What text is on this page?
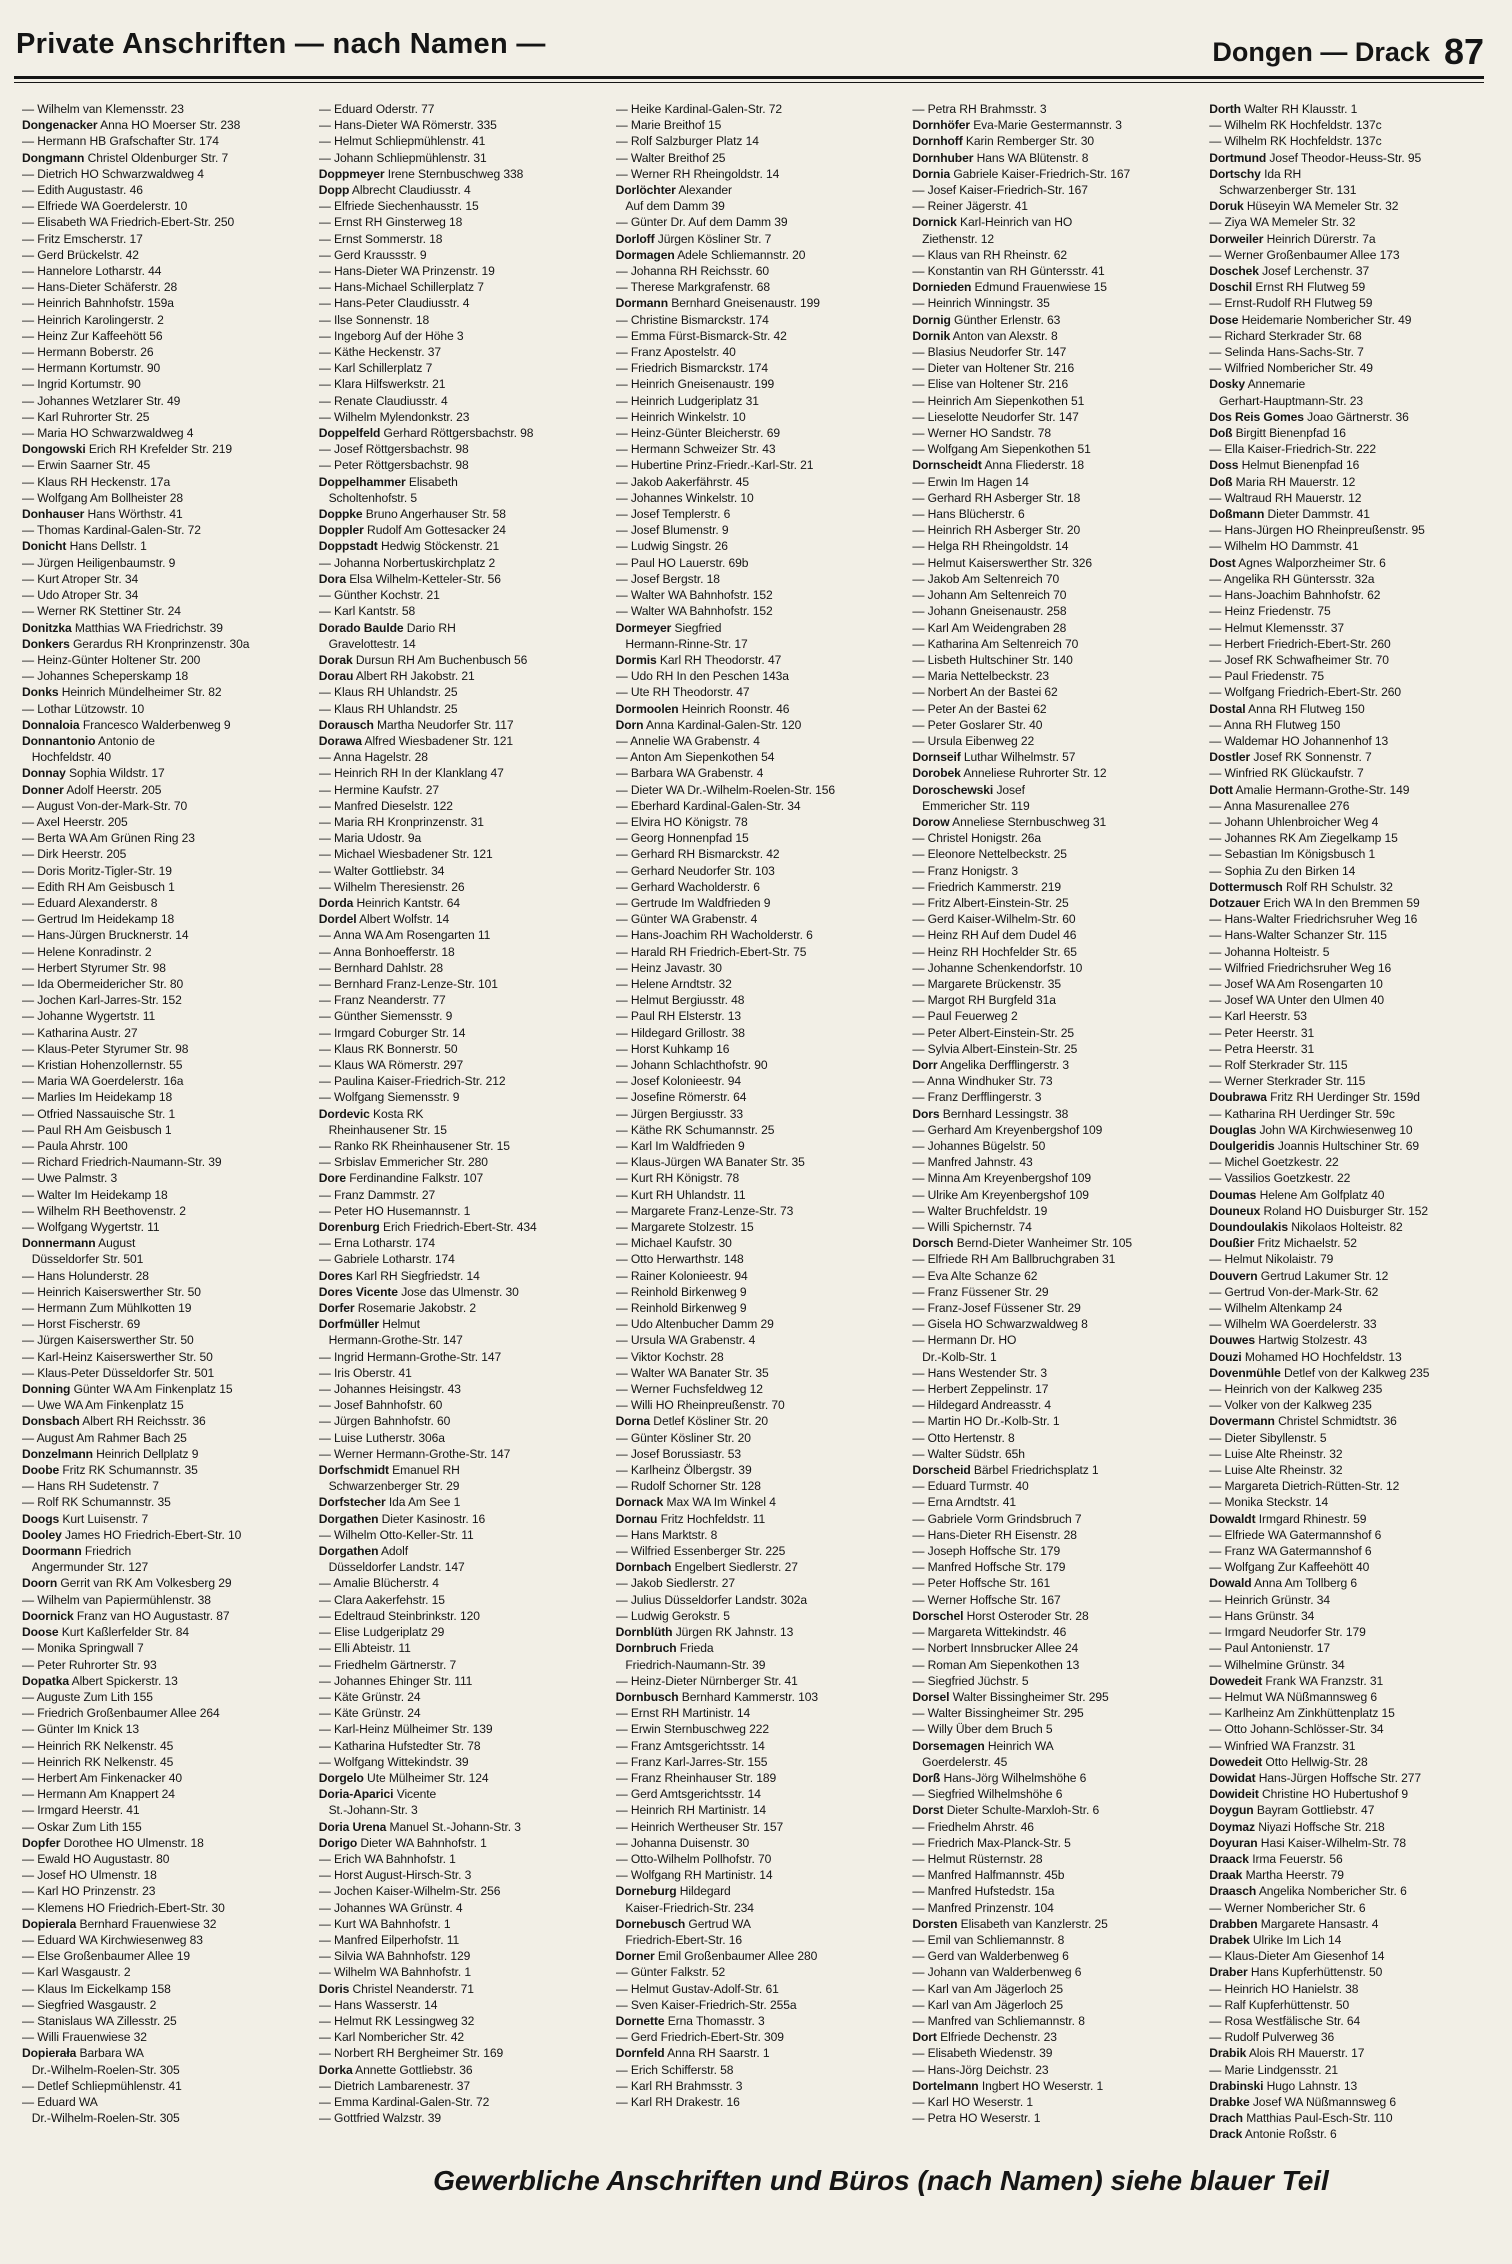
Private Anschriften — nach Namen —	Dongen — Drack 87
— Wilhelm van Klemensstr. 23
Dongenacker Anna HO Moerser Str. 238
— Hermann HB Grafschafter Str. 174
Dongmann Christel Oldenburger Str. 7
— Dietrich HO Schwarzwaldweg 4
— Edith Augustastr. 46
— Elfriede WA Goerdelerstr. 10
— Elisabeth WA Friedrich-Ebert-Str. 250
— Fritz Emscherstr. 17
— Gerd Brückelstr. 42
— Hannelore Lotharstr. 44
— Hans-Dieter Schäferstr. 28
— Heinrich Bahnhofstr. 159a
— Heinrich Karolingerstr. 2
— Heinz Zur Kaffeehött 56
— Hermann Boberstr. 26
— Hermann Kortumstr. 90
— Ingrid Kortumstr. 90
— Johannes Wetzlarer Str. 49
— Karl Ruhrorter Str. 25
— Maria HO Schwarzwaldweg 4
Dongowski Erich RH Krefelder Str. 219
— Erwin Saarner Str. 45
— Klaus RH Heckenstr. 17a
— Wolfgang Am Bollheister 28
Donhauser Hans Wörthstr. 41
— Thomas Kardinal-Galen-Str. 72
Donicht Hans Dellstr. 1
— Jürgen Heiligenbaumstr. 9
— Kurt Atroper Str. 34
— Udo Atroper Str. 34
— Werner RK Stettiner Str. 24
Donitzka Matthias WA Friedrichstr. 39
Donkers Gerardus RH Kronprinzenstr. 30a
— Heinz-Günter Holtener Str. 200
— Johannes Scheperskamp 18
Donks Heinrich Mündelheimer Str. 82
— Lothar Lützowstr. 10
Donnaloia Francesco Walderbenweg 9
Donnantonio Antonio de
Hochfeldstr. 40
Donnay Sophia Wildstr. 17
Donner Adolf Heerstr. 205
— August Von-der-Mark-Str. 70
— Axel Heerstr. 205
— Berta WA Am Grünen Ring 23
— Dirk Heerstr. 205
— Doris Moritz-Tigler-Str. 19
— Edith RH Am Geisbusch 1
— Eduard Alexanderstr. 8
— Gertrud Im Heidekamp 18
— Hans-Jürgen Brucknerstr. 14
— Helene Konradinstr. 2
— Herbert Styrumer Str. 98
— Ida Obermeidericher Str. 80
— Jochen Karl-Jarres-Str. 152
— Johanne Wygertstr. 11
— Katharina Austr. 27
— Klaus-Peter Styrumer Str. 98
— Kristian Hohenzollernstr. 55
— Maria WA Goerdelerstr. 16a
— Marlies Im Heidekamp 18
— Otfried Nassauische Str. 1
— Paul RH Am Geisbusch 1
— Paula Ahrstr. 100
— Richard Friedrich-Naumann-Str. 39
— Uwe Palmstr. 3
— Walter Im Heidekamp 18
— Wilhelm RH Beethovenstr. 2
— Wolfgang Wygertstr. 11
Donnermann August
Düsseldorfer Str. 501
— Hans Holunderstr. 28
— Heinrich Kaiserswerther Str. 50
— Hermann Zum Mühlkotten 19
— Horst Fischerstr. 69
— Jürgen Kaiserswerther Str. 50
— Karl-Heinz Kaiserswerther Str. 50
— Klaus-Peter Düsseldorfer Str. 501
Donning Günter WA Am Finkenplatz 15
— Uwe WA Am Finkenplatz 15
Donsbach Albert RH Reichsstr. 36
— August Am Rahmer Bach 25
Donzelmann Heinrich Dellplatz 9
Doobe Fritz RK Schumannstr. 35
— Hans RH Sudetenstr. 7
— Rolf RK Schumannstr. 35
Doogs Kurt Luisenstr. 7
Dooley James HO Friedrich-Ebert-Str. 10
Doormann Friedrich
Angermunder Str. 127
Doorn Gerrit van RK Am Volkesberg 29
— Wilhelm van Papiermühlenstr. 38
Doornick Franz van HO Augustastr. 87
Doose Kurt Kaßlerfelder Str. 84
— Monika Springwall 7
— Peter Ruhrorter Str. 93
Dopatka Albert Spickerstr. 13
— Auguste Zum Lith 155
— Friedrich Großenbaumer Allee 264
— Günter Im Knick 13
— Heinrich RK Nelkenstr. 45
— Heinrich RK Nelkenstr. 45
— Herbert Am Finkenacker 40
— Hermann Am Knappert 24
— Irmgard Heerstr. 41
— Oskar Zum Lith 155
Dopfer Dorothee HO Ulmenstr. 18
— Ewald HO Augustastr. 80
— Josef HO Ulmenstr. 18
— Karl HO Prinzenstr. 23
— Klemens HO Friedrich-Ebert-Str. 30
Dopierala Bernhard Frauenwiese 32
— Eduard WA Kirchwiesenweg 83
— Else Großenbaumer Allee 19
— Karl Wasgaustr. 2
— Klaus Im Eickelkamp 158
— Siegfried Wasgaustr. 2
— Stanislaus WA Zillesstr. 25
— Willi Frauenwiese 32
Dopierała Barbara WA
Dr.-Wilhelm-Roelen-Str. 305
— Detlef Schliepmühlenstr. 41
— Eduard WA
Dr.-Wilhelm-Roelen-Str. 305
— Eduard Oderstr. 77
— Hans-Dieter WA Römerstr. 335
— Helmut Schliepmühlenstr. 41
— Johann Schliepmühlenstr. 31
Doppmeyer Irene Sternbuschweg 338
Dopp Albrecht Claudiusstr. 4
— Elfriede Siechenhausstr. 15
— Ernst RH Ginsterweg 18
— Ernst Sommerstr. 18
— Gerd Kraussstr. 9
— Hans-Dieter WA Prinzenstr. 19
— Hans-Michael Schillerplatz 7
— Hans-Peter Claudiusstr. 4
— Ilse Sonnenstr. 18
— Ingeborg Auf der Höhe 3
— Käthe Heckenstr. 37
— Karl Schillerplatz 7
— Klara Hilfswerkstr. 21
— Renate Claudiusstr. 4
— Wilhelm Mylendonkstr. 23
Doppelfeld Gerhard Röttgersbachstr. 98
— Josef Röttgersbachstr. 98
— Peter Röttgersbachstr. 98
Doppelhammer Elisabeth
Scholtenhofstr. 5
Doppke Bruno Angerhauser Str. 58
Doppler Rudolf Am Gottesacker 24
Doppstadt Hedwig Stöckenstr. 21
— Johanna Norbertuskirchplatz 2
Dora Elsa Wilhelm-Ketteler-Str. 56
— Günther Kochstr. 21
— Karl Kantstr. 58
Dorado Baulde Dario RH
Gravelottestr. 14
Dorak Dursun RH Am Buchenbusch 56
Dorau Albert RH Jakobstr. 21
— Klaus RH Uhlandstr. 25
— Klaus RH Uhlandstr. 25
Dorausch Martha Neudorfer Str. 117
Dorawa Alfred Wiesbadener Str. 121
— Anna Hagelstr. 28
— Heinrich RH In der Klanklang 47
— Hermine Kaufstr. 27
— Manfred Dieselstr. 122
— Maria RH Kronprinzenstr. 31
— Maria Udostr. 9a
— Michael Wiesbadener Str. 121
— Walter Gottliebstr. 34
— Wilhelm Theresienstr. 26
Dorda Heinrich Kantstr. 64
Dordel Albert Wolfstr. 14
— Anna WA Am Rosengarten 11
— Anna Bonhoefferstr. 18
— Bernhard Dahlstr. 28
— Bernhard Franz-Lenze-Str. 101
— Franz Neanderstr. 77
— Günther Siemensstr. 9
— Irmgard Coburger Str. 14
— Klaus RK Bonnerstr. 50
— Klaus WA Römerstr. 297
— Paulina Kaiser-Friedrich-Str. 212
— Wolfgang Siemensstr. 9
Dordevic Kosta RK
Rheinhausener Str. 15
— Ranko RK Rheinhausener Str. 15
— Srbislav Emmericher Str. 280
Dore Ferdinandine Falkstr. 107
— Franz Dammstr. 27
— Peter HO Husemannstr. 1
Dorenburg Erich Friedrich-Ebert-Str. 434
— Erna Lotharstr. 174
— Gabriele Lotharstr. 174
Dores Karl RH Siegfriedstr. 14
Dores Vicente Jose das Ulmenstr. 30
Dorfer Rosemarie Jakobstr. 2
Dorfmüller Helmut
Hermann-Grothe-Str. 147
— Ingrid Hermann-Grothe-Str. 147
— Iris Oberstr. 41
— Johannes Heisingstr. 43
— Josef Bahnhofstr. 60
— Jürgen Bahnhofstr. 60
— Luise Lutherstr. 306a
— Werner Hermann-Grothe-Str. 147
Dorfschmidt Emanuel RH
Schwarzenberger Str. 29
Dorfstecher Ida Am See 1
Dorgathen Dieter Kasinostr. 16
— Wilhelm Otto-Keller-Str. 11
Dorgathen Adolf
Düsseldorfer Landstr. 147
— Amalie Blücherstr. 4
— Clara Aakerfehstr. 15
— Edeltraud Steinbrinkstr. 120
— Elise Ludgeriplatz 29
— Elli Abteistr. 11
— Friedhelm Gärtnerstr. 7
— Johannes Ehinger Str. 111
— Käte Grünstr. 24
— Käte Grünstr. 24
— Karl-Heinz Mülheimer Str. 139
— Katharina Hufstedter Str. 78
— Wolfgang Wittekindstr. 39
Dorgelo Ute Mülheimer Str. 124
Doria-Aparici Vicente
St.-Johann-Str. 3
Doria Urena Manuel St.-Johann-Str. 3
Dorigo Dieter WA Bahnhofstr. 1
— Erich WA Bahnhofstr. 1
— Horst August-Hirsch-Str. 3
— Jochen Kaiser-Wilhelm-Str. 256
— Johannes WA Grünstr. 4
— Kurt WA Bahnhofstr. 1
— Manfred Eilperhofstr. 11
— Silvia WA Bahnhofstr. 129
— Wilhelm WA Bahnhofstr. 1
Doris Christel Neanderstr. 71
— Hans Wasserstr. 14
— Helmut RK Lessingweg 32
— Karl Nombericher Str. 42
— Norbert RH Bergheimer Str. 169
Dorka Annette Gottliebstr. 36
— Dietrich Lambarenestr. 37
— Emma Kardinal-Galen-Str. 72
— Gottfried Walzstr. 39
— Heike Kardinal-Galen-Str. 72
— Marie Breithof 15
— Rolf Salzburger Platz 14
— Walter Breithof 25
— Werner RH Rheingoldstr. 14
Dorlöchter Alexander
Auf dem Damm 39
— Günter Dr. Auf dem Damm 39
Dorloff Jürgen Kösliner Str. 7
Dormagen Adele Schliemannstr. 20
— Johanna RH Reichsstr. 60
— Therese Markgrafenstr. 68
Dormann Bernhard Gneisenaustr. 199
— Christine Bismarckstr. 174
— Emma Fürst-Bismarck-Str. 42
— Franz Apostelstr. 40
— Friedrich Bismarckstr. 174
— Heinrich Gneisenaustr. 199
— Heinrich Ludgeriplatz 31
— Heinrich Winkelstr. 10
— Heinz-Günter Bleicherstr. 69
— Hermann Schweizer Str. 43
— Hubertine Prinz-Friedr.-Karl-Str. 21
— Jakob Aakerfährstr. 45
— Johannes Winkelstr. 10
— Josef Templerstr. 6
— Josef Blumenstr. 9
— Ludwig Singstr. 26
— Paul HO Lauerstr. 69b
— Josef Bergstr. 18
— Walter WA Bahnhofstr. 152
— Walter WA Bahnhofstr. 152
Dormeyer Siegfried
Hermann-Rinne-Str. 17
Dormis Karl RH Theodorstr. 47
— Udo RH In den Peschen 143a
— Ute RH Theodorstr. 47
Dormoolen Heinrich Roonstr. 46
Dorn Anna Kardinal-Galen-Str. 120
— Annelie WA Grabenstr. 4
— Anton Am Siepenkothen 54
— Barbara WA Grabenstr. 4
— Dieter WA Dr.-Wilhelm-Roelen-Str. 156
— Eberhard Kardinal-Galen-Str. 34
— Elvira HO Königstr. 78
— Georg Honnenpfad 15
— Gerhard RH Bismarckstr. 42
— Gerhard Neudorfer Str. 103
— Gerhard Wacholderstr. 6
— Gertrude Im Waldfrieden 9
— Günter WA Grabenstr. 4
— Hans-Joachim RH Wacholderstr. 6
— Harald RH Friedrich-Ebert-Str. 75
— Heinz Javastr. 30
— Helene Arndtstr. 32
— Helmut Bergiusstr. 48
— Paul RH Elsterstr. 13
— Hildegard Grillostr. 38
— Horst Kuhkamp 16
— Johann Schlachthofstr. 90
— Josef Kolonieestr. 94
— Josefine Römerstr. 64
— Jürgen Bergiusstr. 33
— Käthe RK Schumannstr. 25
— Karl Im Waldfrieden 9
— Klaus-Jürgen WA Banater Str. 35
— Kurt RH Königstr. 78
— Kurt RH Uhlandstr. 11
— Margarete Franz-Lenze-Str. 73
— Margarete Stolzestr. 15
— Michael Kaufstr. 30
— Otto Herwarthstr. 148
— Rainer Kolonieestr. 94
— Reinhold Birkenweg 9
— Reinhold Birkenweg 9
— Udo Altenbucher Damm 29
— Ursula WA Grabenstr. 4
— Viktor Kochstr. 28
— Walter WA Banater Str. 35
— Werner Fuchsfeldweg 12
— Willi HO Rheinpreußenstr. 70
Dorna Detlef Kösliner Str. 20
— Günter Kösliner Str. 20
— Josef Borussiastr. 53
— Karlheinz Ölbergstr. 39
— Rudolf Schorner Str. 128
Dornack Max WA Im Winkel 4
Dornau Fritz Hochfeldstr. 11
— Hans Marktstr. 8
— Wilfried Essenberger Str. 225
Dornbach Engelbert Siedlerstr. 27
— Jakob Siedlerstr. 27
— Julius Düsseldorfer Landstr. 302a
— Ludwig Gerokstr. 5
Dornblüth Jürgen RK Jahnstr. 13
Dornbruch Frieda
Friedrich-Naumann-Str. 39
— Heinz-Dieter Nürnberger Str. 41
Dornbusch Bernhard Kammerstr. 103
— Ernst RH Martinistr. 14
— Erwin Sternbuschweg 222
— Franz Amtsgerichtsstr. 14
— Franz Karl-Jarres-Str. 155
— Franz Rheinhauser Str. 189
— Gerd Amtsgerichtsstr. 14
— Heinrich RH Martinistr. 14
— Heinrich Wertheuser Str. 157
— Johanna Duisenstr. 30
— Otto-Wilhelm Pollhofstr. 70
— Wolfgang RH Martinistr. 14
Dorneburg Hildegard
Kaiser-Friedrich-Str. 234
Dornebusch Gertrud WA
Friedrich-Ebert-Str. 16
Dorner Emil Großenbaumer Allee 280
— Günter Falkstr. 52
— Helmut Gustav-Adolf-Str. 61
— Sven Kaiser-Friedrich-Str. 255a
Dornette Erna Thomasstr. 3
— Gerd Friedrich-Ebert-Str. 309
Dornfeld Anna RH Saarstr. 1
— Erich Schifferstr. 58
— Karl RH Brahmsstr. 3
— Karl RH Drakestr. 16
— Petra RH Brahmsstr. 3
Dornhöfer Eva-Marie Gestermannstr. 3
Dornhoff Karin Remberger Str. 30
Dornhuber Hans WA Blütenstr. 8
Dornia Gabriele Kaiser-Friedrich-Str. 167
— Josef Kaiser-Friedrich-Str. 167
— Reiner Jägerstr. 41
Dornick Karl-Heinrich van HO
Ziethenstr. 12
— Klaus van RH Rheinstr. 62
— Konstantin van RH Güntersstr. 41
Dornieden Edmund Frauenwiese 15
— Heinrich Winningstr. 35
Dornig Günther Erlenstr. 63
Dornik Anton van Alexstr. 8
— Blasius Neudorfer Str. 147
— Dieter van Holtener Str. 216
— Elise van Holtener Str. 216
— Heinrich Am Siepenkothen 51
— Lieselotte Neudorfer Str. 147
— Werner HO Sandstr. 78
— Wolfgang Am Siepenkothen 51
Dornscheidt Anna Fliederstr. 18
— Erwin Im Hagen 14
— Gerhard RH Asberger Str. 18
— Hans Blücherstr. 6
— Heinrich RH Asberger Str. 20
— Helga RH Rheingoldstr. 14
— Helmut Kaiserswerther Str. 326
— Jakob Am Seltenreich 70
— Johann Am Seltenreich 70
— Johann Gneisenaustr. 258
— Karl Am Weidengraben 28
— Katharina Am Seltenreich 70
— Lisbeth Hultschiner Str. 140
— Maria Nettelbeckstr. 23
— Norbert An der Bastei 62
— Peter An der Bastei 62
— Peter Goslarer Str. 40
— Ursula Eibenweg 22
Dornseif Luthar Wilhelmstr. 57
Dorobek Anneliese Ruhrorter Str. 12
Doroschewski Josef
Emmericher Str. 119
Dorow Anneliese Sternbuschweg 31
— Christel Honigstr. 26a
— Eleonore Nettelbeckstr. 25
— Franz Honigstr. 3
— Friedrich Kammerstr. 219
— Fritz Albert-Einstein-Str. 25
— Gerd Kaiser-Wilhelm-Str. 60
— Heinz RH Auf dem Dudel 46
— Heinz RH Hochfelder Str. 65
— Johanne Schenkendorfstr. 10
— Margarete Brückenstr. 35
— Margot RH Burgfeld 31a
— Paul Feuerweg 2
— Peter Albert-Einstein-Str. 25
— Sylvia Albert-Einstein-Str. 25
Dorr Angelika Derfflingerstr. 3
— Anna Windhuker Str. 73
— Franz Derfflingerstr. 3
Dors Bernhard Lessingstr. 38
— Gerhard Am Kreyenbergshof 109
— Johannes Bügelstr. 50
— Manfred Jahnstr. 43
— Minna Am Kreyenbergshof 109
— Ulrike Am Kreyenbergshof 109
— Walter Bruchfeldstr. 19
— Willi Spichernstr. 74
Dorsch Bernd-Dieter Wanheimer Str. 105
— Elfriede RH Am Ballbruchgraben 31
— Eva Alte Schanze 62
— Franz Füssener Str. 29
— Franz-Josef Füssener Str. 29
— Gisela HO Schwarzwaldweg 8
— Hermann Dr. HO
Dr.-Kolb-Str. 1
— Hans Westender Str. 3
— Herbert Zeppelinstr. 17
— Hildegard Andreasstr. 4
— Martin HO Dr.-Kolb-Str. 1
— Otto Hertenstr. 8
— Walter Südstr. 65h
Dorscheid Bärbel Friedrichsplatz 1
— Eduard Turmstr. 40
— Erna Arndtstr. 41
— Gabriele Vorm Grindsbruch 7
— Hans-Dieter RH Eisenstr. 28
— Joseph Hoffsche Str. 179
— Manfred Hoffsche Str. 179
— Peter Hoffsche Str. 161
— Werner Hoffsche Str. 167
Dorschel Horst Osteroder Str. 28
— Margareta Wittekindstr. 46
— Norbert Innsbrucker Allee 24
— Roman Am Siepenkothen 13
— Siegfried Jüchstr. 5
Dorsel Walter Bissingheimer Str. 295
— Walter Bissingheimer Str. 295
— Willy Über dem Bruch 5
Dorsemagen Heinrich WA
Goerdelerstr. 45
Dorß Hans-Jörg Wilhelmshöhe 6
— Siegfried Wilhelmshöhe 6
Dorst Dieter Schulte-Marxloh-Str. 6
— Friedhelm Ahrstr. 46
— Friedrich Max-Planck-Str. 5
— Helmut Rüsternstr. 28
— Manfred Halfmannstr. 45b
— Manfred Hufstedstr. 15a
— Manfred Prinzenstr. 104
Dorsten Elisabeth van Kanzlerstr. 25
— Emil van Schliemannstr. 8
— Gerd van Walderbenweg 6
— Johann van Walderbenweg 6
— Karl van Am Jägerloch 25
— Karl van Am Jägerloch 25
— Manfred van Schliemannstr. 8
Dort Elfriede Dechenstr. 23
— Elisabeth Wiedenstr. 39
— Hans-Jörg Deichstr. 23
Dortelmann Ingbert HO Weserstr. 1
— Karl HO Weserstr. 1
— Petra HO Weserstr. 1
Dorth Walter RH Klausstr. 1
— Wilhelm RK Hochfeldstr. 137c
— Wilhelm RK Hochfeldstr. 137c
Dortmund Josef Theodor-Heuss-Str. 95
Dortschy Ida RH
Schwarzenberger Str. 131
Doruk Hüseyin WA Memeler Str. 32
— Ziya WA Memeler Str. 32
Dorweiler Heinrich Dürerstr. 7a
— Werner Großenbaumer Allee 173
Doschek Josef Lerchenstr. 37
Doschil Ernst RH Flutweg 59
— Ernst-Rudolf RH Flutweg 59
Dose Heidemarie Nombericher Str. 49
— Richard Sterkrader Str. 68
— Selinda Hans-Sachs-Str. 7
— Wilfried Nombericher Str. 49
Dosky Annemarie
Gerhart-Hauptmann-Str. 23
Dos Reis Gomes Joao Gärtnerstr. 36
Doß Birgitt Bienenpfad 16
— Ella Kaiser-Friedrich-Str. 222
Doss Helmut Bienenpfad 16
Doß Maria RH Mauerstr. 12
— Waltraud RH Mauerstr. 12
Doßmann Dieter Dammstr. 41
— Hans-Jürgen HO Rheinpreußenstr. 95
— Wilhelm HO Dammstr. 41
Dost Agnes Walporzheimer Str. 6
— Angelika RH Güntersstr. 32a
— Hans-Joachim Bahnhofstr. 62
— Heinz Friedenstr. 75
— Helmut Klemensstr. 37
— Herbert Friedrich-Ebert-Str. 260
— Josef RK Schwafheimer Str. 70
— Paul Friedenstr. 75
— Wolfgang Friedrich-Ebert-Str. 260
Dostal Anna RH Flutweg 150
— Anna RH Flutweg 150
— Waldemar HO Johannenhof 13
Dostler Josef RK Sonnenstr. 7
— Winfried RK Glückaufstr. 7
Dott Amalie Hermann-Grothe-Str. 149
— Anna Masurenallee 276
— Johann Uhlenbroicher Weg 4
— Johannes RK Am Ziegelkamp 15
— Sebastian Im Königsbusch 1
— Sophia Zu den Birken 14
Dottermusch Rolf RH Schulstr. 32
Dotzauer Erich WA In den Bremmen 59
— Hans-Walter Friedrichsruher Weg 16
— Hans-Walter Schanzer Str. 115
— Johanna Holteistr. 5
— Wilfried Friedrichsruher Weg 16
— Josef WA Am Rosengarten 10
— Josef WA Unter den Ulmen 40
— Karl Heerstr. 53
— Peter Heerstr. 31
— Petra Heerstr. 31
— Rolf Sterkrader Str. 115
— Werner Sterkrader Str. 115
Doubrawa Fritz RH Uerdinger Str. 159d
— Katharina RH Uerdinger Str. 59c
Douglas John WA Kirchwiesenweg 10
Doulgeridis Joannis Hultschiner Str. 69
— Michel Goetzkestr. 22
— Vassilios Goetzkestr. 22
Doumas Helene Am Golfplatz 40
Douneux Roland HO Duisburger Str. 152
Doundoulakis Nikolaos Holteistr. 82
Doußier Fritz Michaelstr. 52
— Helmut Nikolaistr. 79
Douvern Gertrud Lakumer Str. 12
— Gertrud Von-der-Mark-Str. 62
— Wilhelm Altenkamp 24
— Wilhelm WA Goerdelerstr. 33
Douwes Hartwig Stolzestr. 43
Douzi Mohamed HO Hochfeldstr. 13
Dovenmühle Detlef von der Kalkweg 235
— Heinrich von der Kalkweg 235
— Volker von der Kalkweg 235
Dovermann Christel Schmidtstr. 36
— Dieter Sibyllenstr. 5
— Luise Alte Rheinstr. 32
— Luise Alte Rheinstr. 32
— Margareta Dietrich-Rütten-Str. 12
— Monika Steckstr. 14
Dowaldt Irmgard Rhinestr. 59
— Elfriede WA Gatermannshof 6
— Franz WA Gatermannshof 6
— Wolfgang Zur Kaffeehött 40
Dowald Anna Am Tollberg 6
— Heinrich Grünstr. 34
— Hans Grünstr. 34
— Irmgard Neudorfer Str. 179
— Paul Antonienstr. 17
— Wilhelmine Grünstr. 34
Dowedeit Frank WA Franzstr. 31
— Helmut WA Nüßmannsweg 6
— Karlheinz Am Zinkhüttenplatz 15
— Otto Johann-Schlösser-Str. 34
— Winfried WA Franzstr. 31
Dowedeit Otto Hellwig-Str. 28
Dowidat Hans-Jürgen Hoffsche Str. 277
Dowideit Christine HO Hubertushof 9
Doygun Bayram Gottliebstr. 47
Doymaz Niyazi Hoffsche Str. 218
Doyuran Hasi Kaiser-Wilhelm-Str. 78
Draack Irma Feuerstr. 56
Draak Martha Heerstr. 79
Draasch Angelika Nombericher Str. 6
— Werner Nombericher Str. 6
Drabben Margarete Hansastr. 4
Drabek Ulrike Im Lich 14
— Klaus-Dieter Am Giesenhof 14
Draber Hans Kupferhüttenstr. 50
— Heinrich HO Hanielstr. 38
— Ralf Kupferhüttenstr. 50
— Rosa Westfälische Str. 64
— Rudolf Pulverweg 36
Drabik Alois RH Mauerstr. 17
— Marie Lindgensstr. 21
Drabinski Hugo Lahnstr. 13
Drabke Josef WA Nüßmannsweg 6
Drach Matthias Paul-Esch-Str. 110
Drack Antonie Roßstr. 6
Gewerbliche Anschriften und Büros (nach Namen) siehe blauer Teil
